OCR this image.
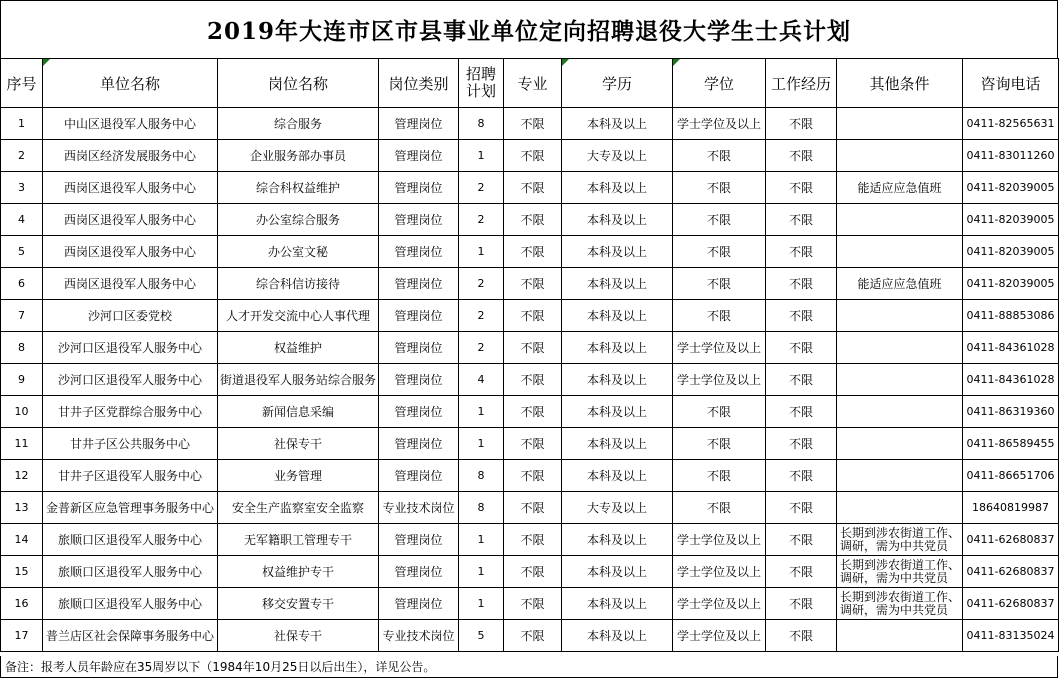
2019年大连市区市县事业单位定向招聘退役大学生士兵计划
序号	单位名称	岗位名称	岗位类别	招聘计划	专业	学历	学位	工作经历	其他条件	咨询电话
1	中山区退役军人服务中心	综合服务	管理岗位	8	不限	本科及以上	学士学位及以上	不限		0411-82565631
2	西岗区经济发展服务中心	企业服务部办事员	管理岗位	1	不限	大专及以上	不限	不限		0411-83011260
3	西岗区退役军人服务中心	综合科权益维护	管理岗位	2	不限	本科及以上	不限	不限	能适应应急值班	0411-82039005
4	西岗区退役军人服务中心	办公室综合服务	管理岗位	2	不限	本科及以上	不限	不限		0411-82039005
5	西岗区退役军人服务中心	办公室文秘	管理岗位	1	不限	本科及以上	不限	不限		0411-82039005
6	西岗区退役军人服务中心	综合科信访接待	管理岗位	2	不限	本科及以上	不限	不限	能适应应急值班	0411-82039005
7	沙河口区委党校	人才开发交流中心人事代理	管理岗位	2	不限	本科及以上	不限	不限		0411-88853086
8	沙河口区退役军人服务中心	权益维护	管理岗位	2	不限	本科及以上	学士学位及以上	不限		0411-84361028
9	沙河口区退役军人服务中心	街道退役军人服务站综合服务	管理岗位	4	不限	本科及以上	学士学位及以上	不限		0411-84361028
10	甘井子区党群综合服务中心	新闻信息采编	管理岗位	1	不限	本科及以上	不限	不限		0411-86319360
11	甘井子区公共服务中心	社保专干	管理岗位	1	不限	本科及以上	不限	不限		0411-86589455
12	甘井子区退役军人服务中心	业务管理	管理岗位	8	不限	本科及以上	不限	不限		0411-86651706
13	金普新区应急管理事务服务中心	安全生产监察室安全监察	专业技术岗位	8	不限	大专及以上	不限	不限		18640819987
14	旅顺口区退役军人服务中心	无军籍职工管理专干	管理岗位	1	不限	本科及以上	学士学位及以上	不限	长期到涉农街道工作、调研，需为中共党员	0411-62680837
15	旅顺口区退役军人服务中心	权益维护专干	管理岗位	1	不限	本科及以上	学士学位及以上	不限	长期到涉农街道工作、调研，需为中共党员	0411-62680837
16	旅顺口区退役军人服务中心	移交安置专干	管理岗位	1	不限	本科及以上	学士学位及以上	不限	长期到涉农街道工作、调研，需为中共党员	0411-62680837
17	普兰店区社会保障事务服务中心	社保专干	专业技术岗位	5	不限	本科及以上	学士学位及以上	不限		0411-83135024
备注：报考人员年龄应在35周岁以下（1984年10月25日以后出生），详见公告。
